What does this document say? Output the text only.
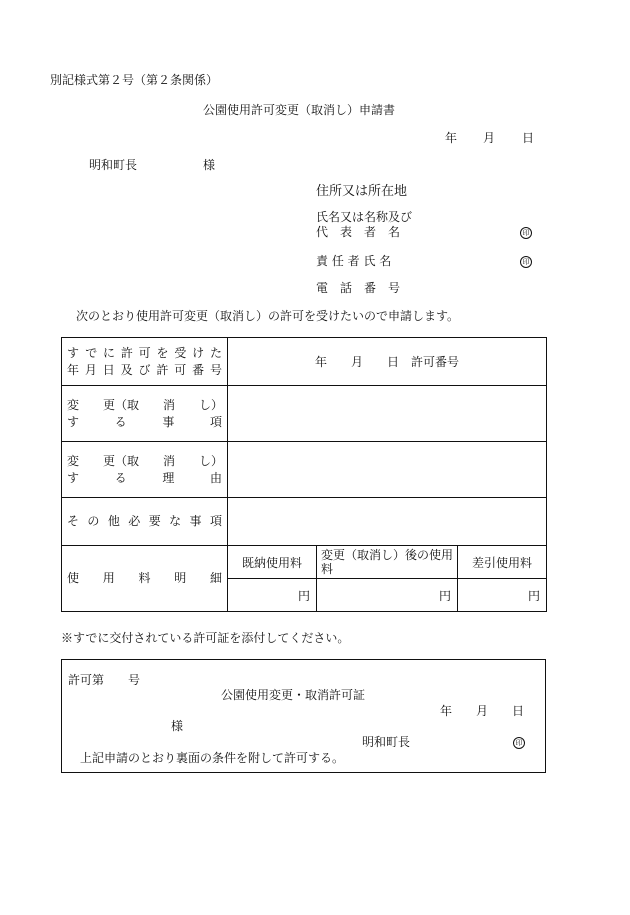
別記様式第２号（第２条関係）
公園使用許可変更（取消し）申請書
年 月 日
明和町長	様
住所又は所在地
氏名又は名称及び
代　表　者　名	印
責 任 者 氏 名	印
電　話　番　号
次のとおり使用許可変更（取消し）の許可を受けたいので申請します。
すでに許可を受けた
年月日及び許可番号	年　　月　　日　許可番号		

変　　更（取　　消　　し）
す　　る　　事　　項			

変　　更（取　　消　　し）
す　　る　　理　　由			

その他必要な事項			

使　用　料　明　細	既納使用料	変更（取消し）後の使用料	差引使用料
	円	円	円
※すでに交付されている許可証を添付してください。
許可第　　号
公園使用変更・取消許可証
年　　月　　日
様
明和町長	印
上記申請のとおり裏面の条件を附して許可する。
